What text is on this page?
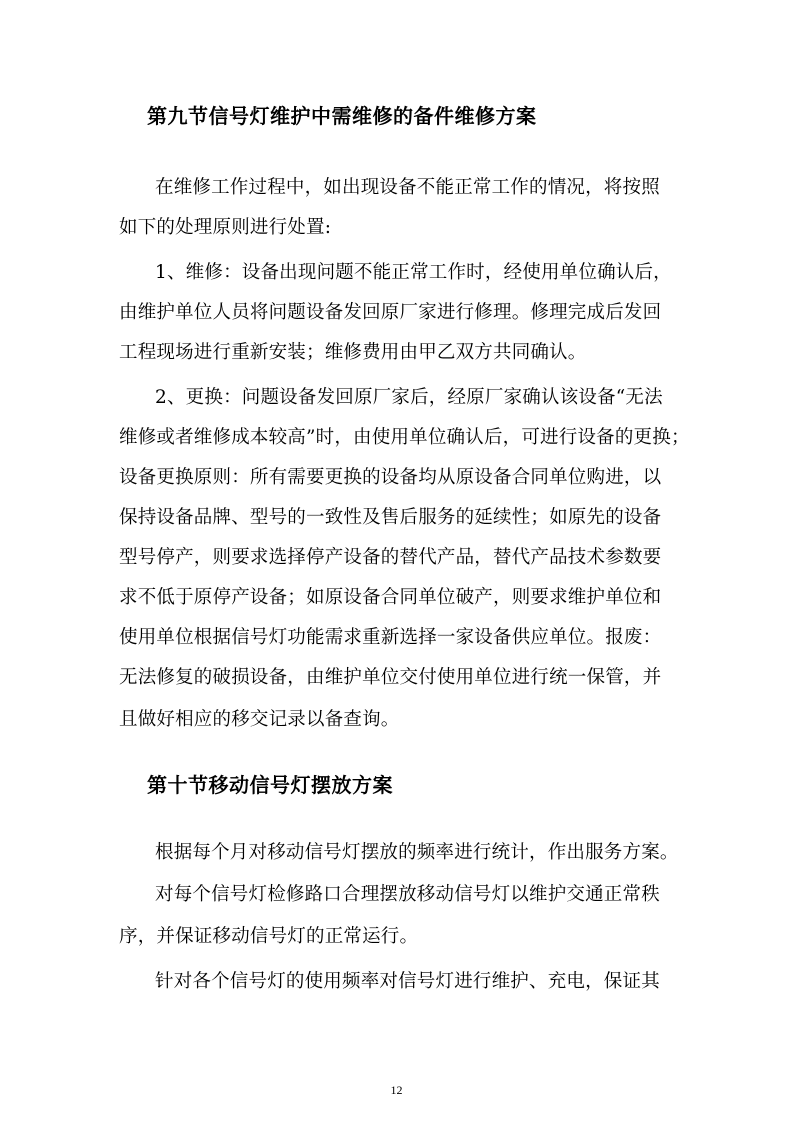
第九节信号灯维护中需维修的备件维修方案
在维修工作过程中，如出现设备不能正常工作的情况，将按照
如下的处理原则进行处置:
1、维修：设备出现问题不能正常工作时，经使用单位确认后，
由维护单位人员将问题设备发回原厂家进行修理。修理完成后发回
工程现场进行重新安装；维修费用由甲乙双方共同确认。
2、更换：问题设备发回原厂家后，经原厂家确认该设备“无法
维修或者维修成本较高”时，由使用单位确认后，可进行设备的更换；
设备更换原则：所有需要更换的设备均从原设备合同单位购进，以
保持设备品牌、型号的一致性及售后服务的延续性；如原先的设备
型号停产，则要求选择停产设备的替代产品，替代产品技术参数要
求不低于原停产设备；如原设备合同单位破产，则要求维护单位和
使用单位根据信号灯功能需求重新选择一家设备供应单位。报废：
无法修复的破损设备，由维护单位交付使用单位进行统一保管，并
且做好相应的移交记录以备查询。
第十节移动信号灯摆放方案
根据每个月对移动信号灯摆放的频率进行统计，作出服务方案。
对每个信号灯检修路口合理摆放移动信号灯以维护交通正常秩
序，并保证移动信号灯的正常运行。
针对各个信号灯的使用频率对信号灯进行维护、充电，保证其
12
